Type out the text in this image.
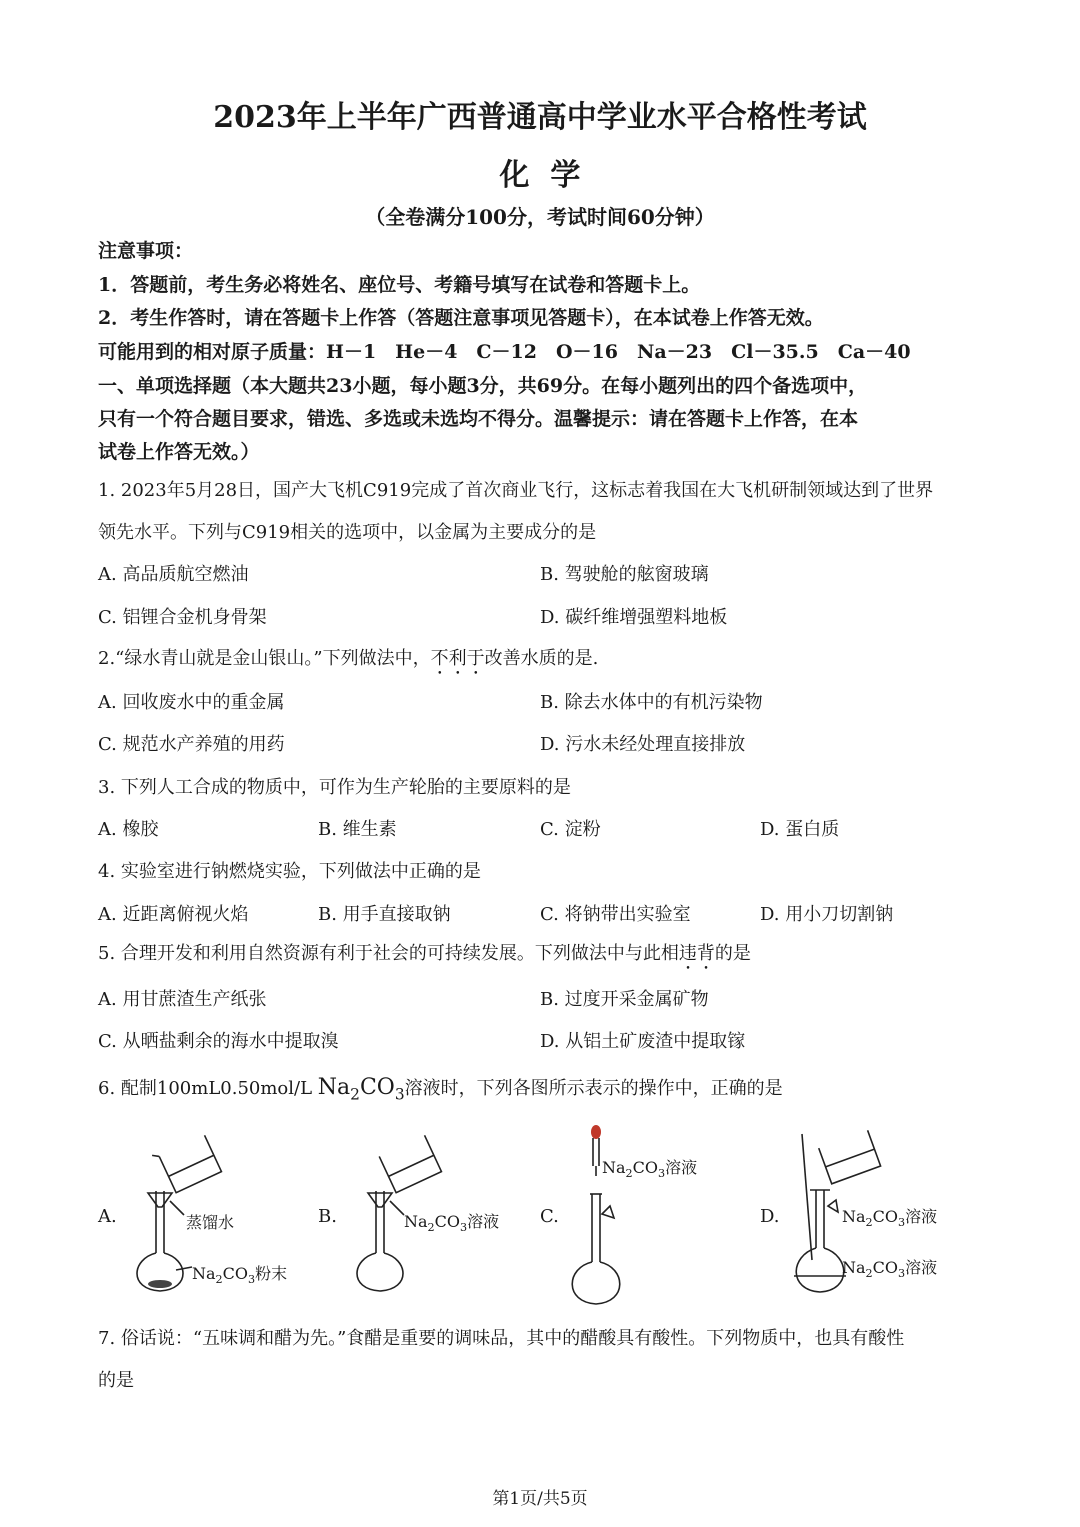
2023年上半年广西普通高中学业水平合格性考试
化  学
（全卷满分100分，考试时间60分钟）
注意事项：
1．答题前，考生务必将姓名、座位号、考籍号填写在试卷和答题卡上。
2．考生作答时，请在答题卡上作答（答题注意事项见答题卡），在本试卷上作答无效。
可能用到的相对原子质量：H－1　He－4　C－12　O－16　Na－23　Cl－35.5　Ca－40
一、单项选择题（本大题共23小题，每小题3分，共69分。在每小题列出的四个备选项中，
只有一个符合题目要求，错选、多选或未选均不得分。温馨提示：请在答题卡上作答，在本
试卷上作答无效。）
1. 2023年5月28日，国产大飞机C919完成了首次商业飞行，这标志着我国在大飞机研制领域达到了世界
领先水平。下列与C919相关的选项中，以金属为主要成分的是
A. 高品质航空燃油	B. 驾驶舱的舷窗玻璃
C. 铝锂合金机身骨架	D. 碳纤维增强塑料地板
2.“绿水青山就是金山银山。”下列做法中，不利于改善水质的是.
A. 回收废水中的重金属	B. 除去水体中的有机污染物
C. 规范水产养殖的用药	D. 污水未经处理直接排放
3. 下列人工合成的物质中，可作为生产轮胎的主要原料的是
A. 橡胶	B. 维生素	C. 淀粉	D. 蛋白质
4. 实验室进行钠燃烧实验，下列做法中正确的是
A. 近距离俯视火焰	B. 用手直接取钠	C. 将钠带出实验室	D. 用小刀切割钠
5. 合理开发和利用自然资源有利于社会的可持续发展。下列做法中与此相违背的是
A. 用甘蔗渣生产纸张	B. 过度开采金属矿物
C. 从晒盐剩余的海水中提取溴	D. 从铝土矿废渣中提取镓
6. 配制100mL0.50mol/L $Na_2CO_3$溶液时，下列各图所示表示的操作中，正确的是
A.	蒸馏水
$Na_2CO_3$粉末
B.	$Na_2CO_3$溶液 C.
$Na_2CO_3$溶液
D.	$Na_2CO_3$溶液
$Na_2CO_3$溶液
7. 俗话说：“五味调和醋为先。”食醋是重要的调味品，其中的醋酸具有酸性。下列物质中，也具有酸性
的是
第1页/共5页
